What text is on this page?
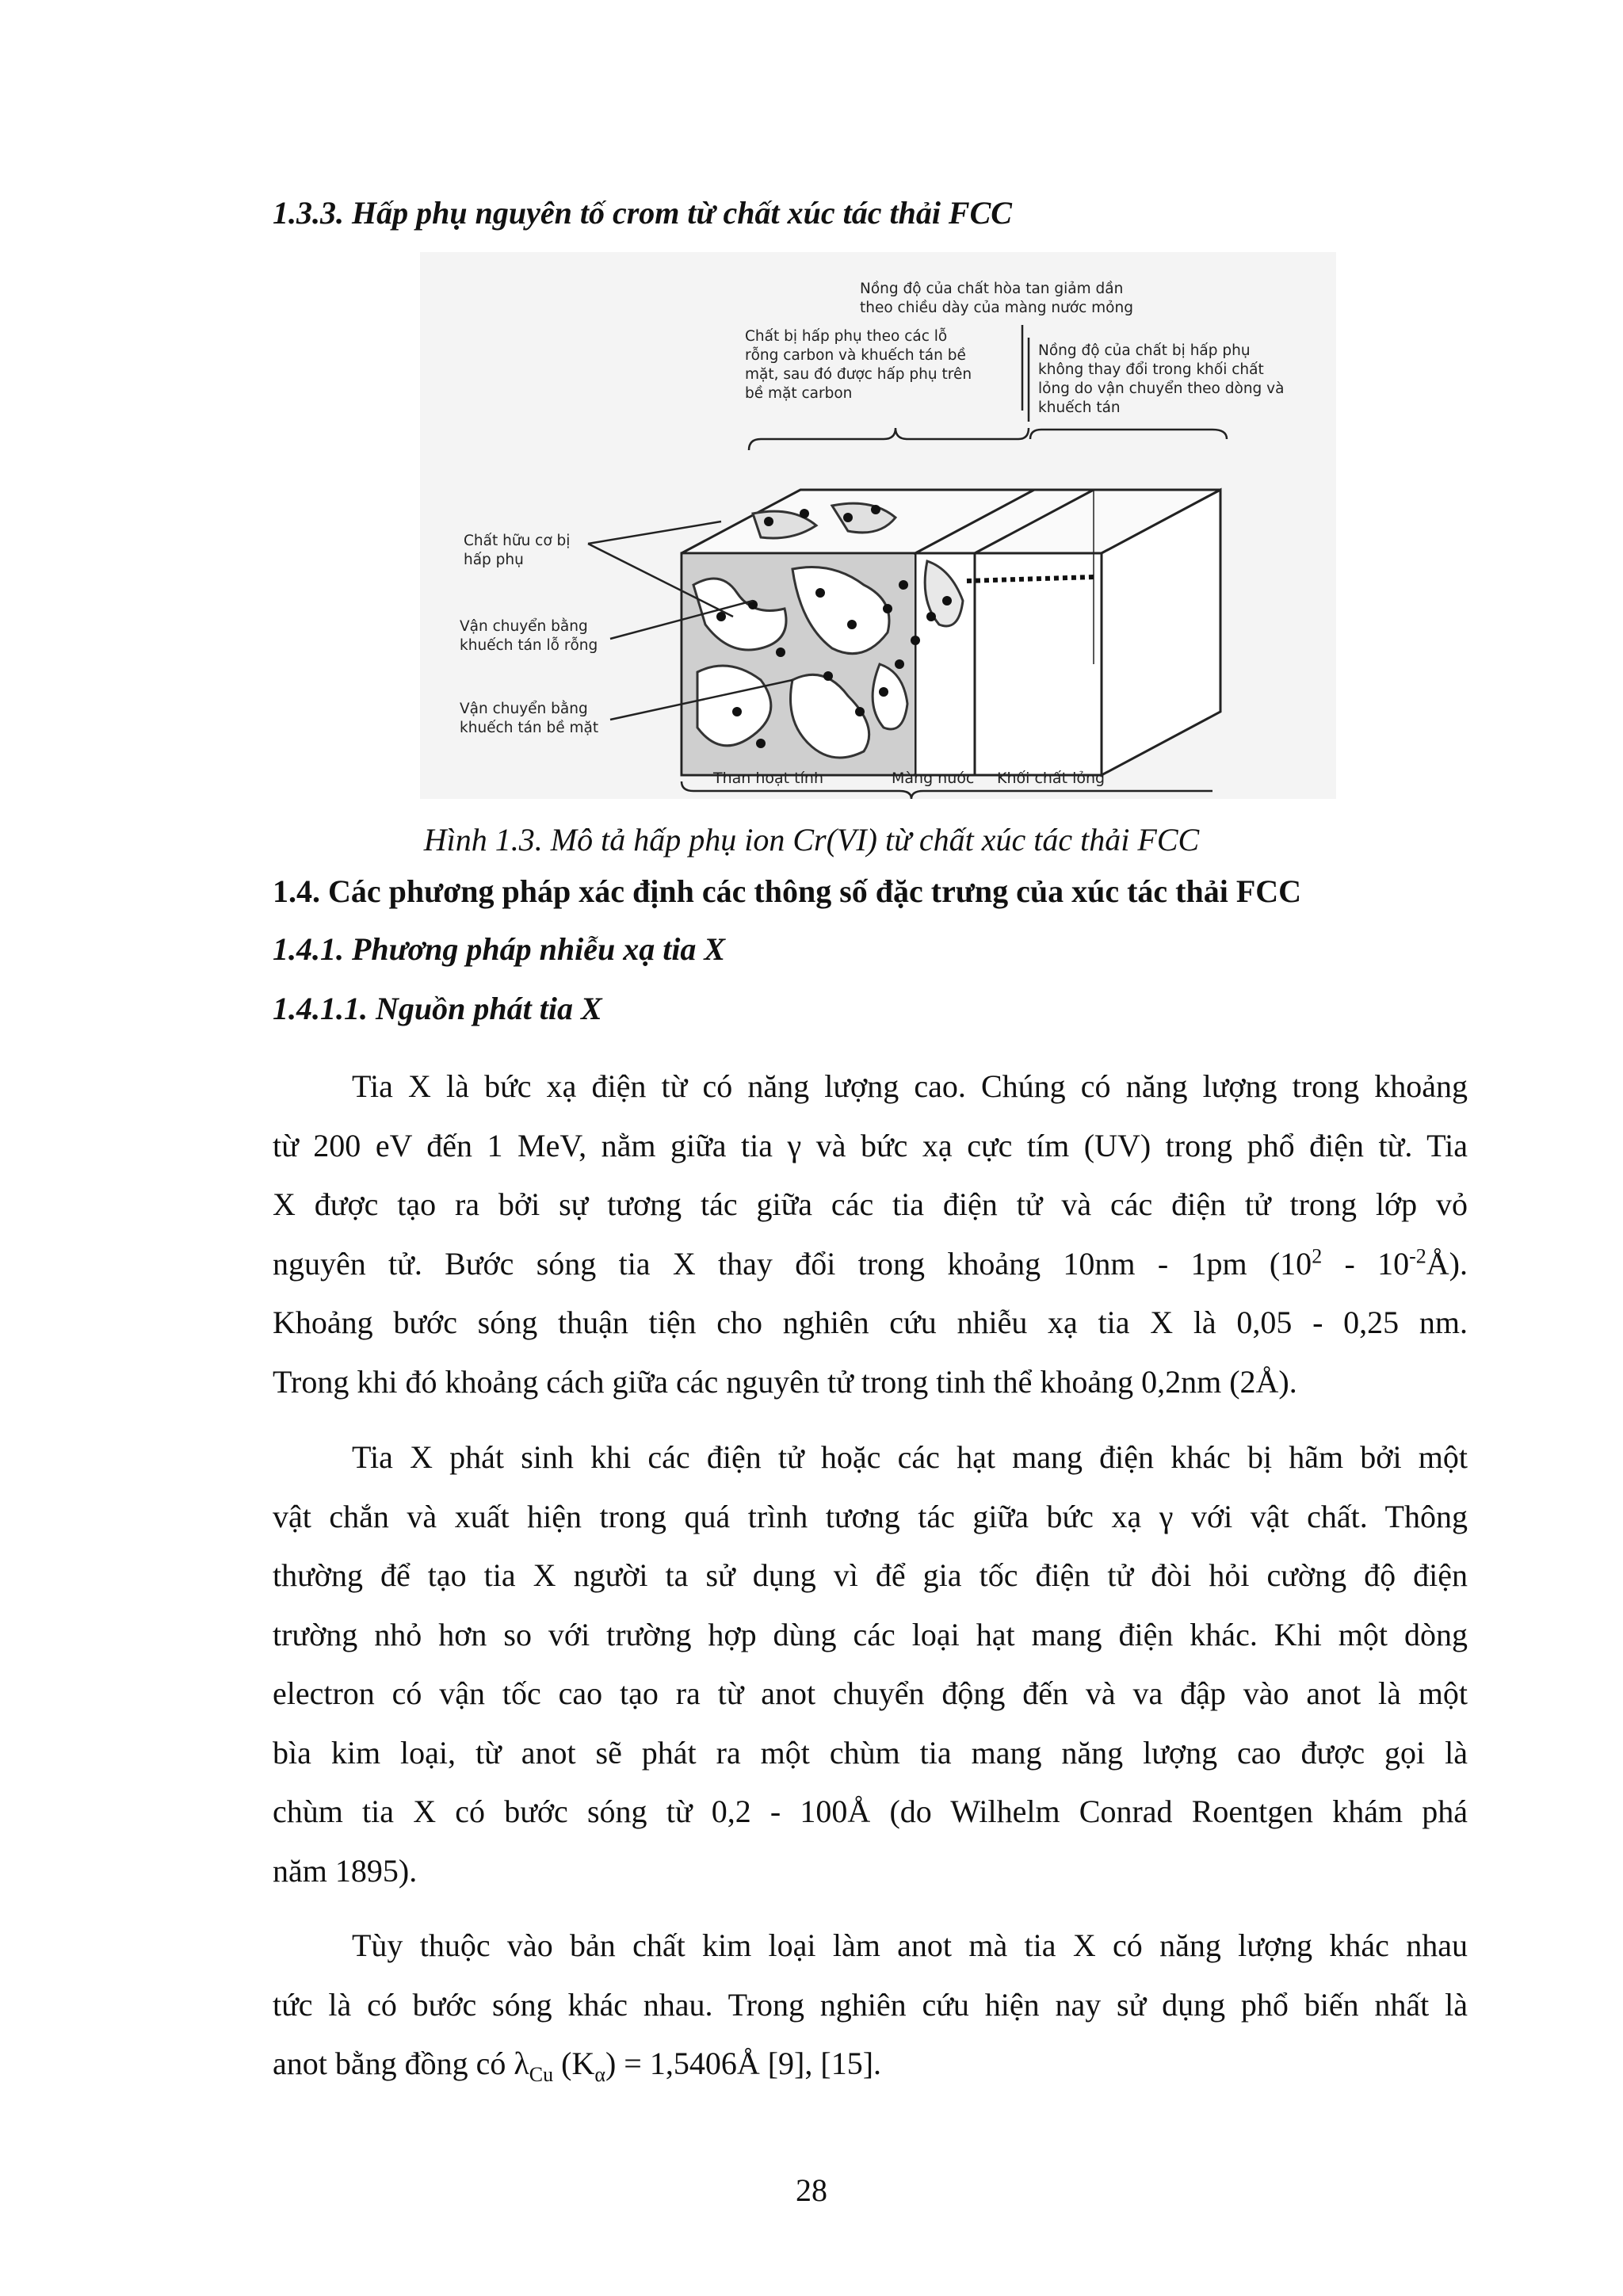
1.3.3. Hấp phụ nguyên tố crom từ chất xúc tác thải FCC
Nồng độ của chất hòa tan giảm dần theo chiều dày của màng nước mỏng
Chất bị hấp phụ theo các lỗ rỗng carbon và khuếch tán bề mặt, sau đó được hấp phụ trên bề mặt carbon
Nồng độ của chất bị hấp phụ không thay đổi trong khối chất lỏng do vận chuyển theo dòng và khuếch tán
Chất hữu cơ bị hấp phụ
Vận chuyển bằng khuếch tán lỗ rỗng
Vận chuyển bằng khuếch tán bề mặt
Than hoạt tính	Màng nước Khối chất lỏng
Hình 1.3. Mô tả hấp phụ ion Cr(VI) từ chất xúc tác thải FCC
1.4. Các phương pháp xác định các thông số đặc trưng của xúc tác thải FCC
1.4.1. Phương pháp nhiễu xạ tia X
1.4.1.1. Nguồn phát tia X
Tia X là bức xạ điện từ có năng lượng cao. Chúng có năng lượng trong khoảng
từ 200 eV đến 1 MeV, nằm giữa tia γ và bức xạ cực tím (UV) trong phổ điện từ. Tia
X được tạo ra bởi sự tương tác giữa các tia điện tử và các điện tử trong lớp vỏ
nguyên tử. Bước sóng tia X thay đổi trong khoảng 10nm - 1pm ($10^2$ - $10^{-2}Å$).
Khoảng bước sóng thuận tiện cho nghiên cứu nhiễu xạ tia X là 0,05 - 0,25 nm.
Trong khi đó khoảng cách giữa các nguyên tử trong tinh thể khoảng 0,2nm (2Å).
Tia X phát sinh khi các điện tử hoặc các hạt mang điện khác bị hãm bởi một
vật chắn và xuất hiện trong quá trình tương tác giữa bức xạ γ với vật chất. Thông
thường để tạo tia X người ta sử dụng vì để gia tốc điện tử đòi hỏi cường độ điện
trường nhỏ hơn so với trường hợp dùng các loại hạt mang điện khác. Khi một dòng
electron có vận tốc cao tạo ra từ anot chuyển động đến và va đập vào anot là một
bìa kim loại, từ anot sẽ phát ra một chùm tia mang năng lượng cao được gọi là
chùm tia X có bước sóng từ 0,2 - 100Å (do Wilhelm Conrad Roentgen khám phá
năm 1895).
Tùy thuộc vào bản chất kim loại làm anot mà tia X có năng lượng khác nhau
tức là có bước sóng khác nhau. Trong nghiên cứu hiện nay sử dụng phổ biến nhất là
anot bằng đồng có $\lambda_{Cu}$ $(K_\alpha)$ = 1,5406Å [9], [15].
28
